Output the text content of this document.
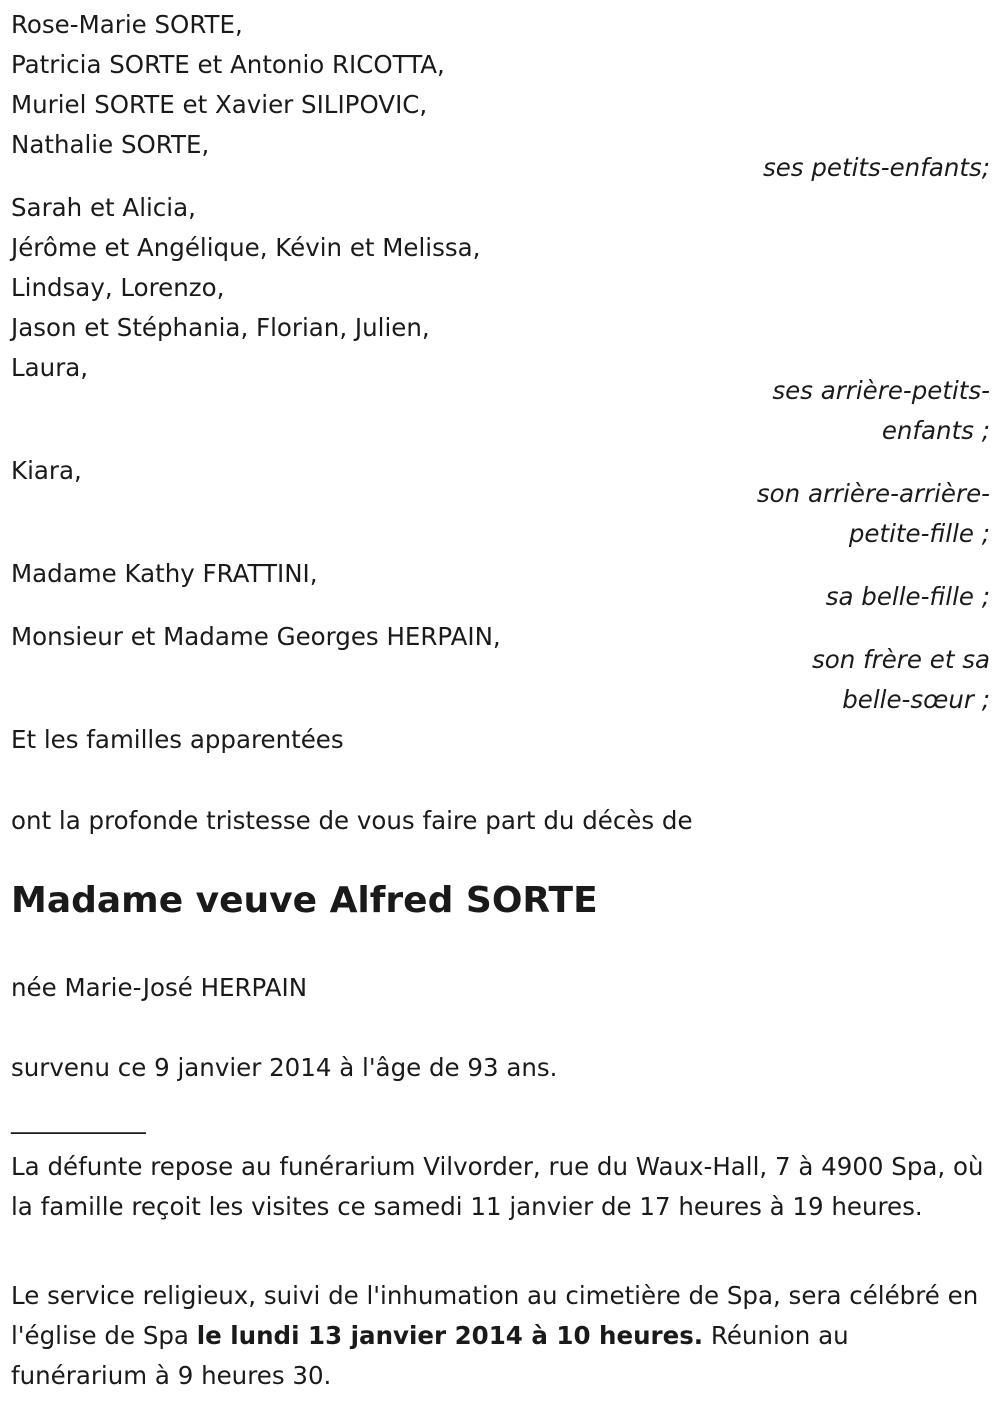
Rose-Marie SORTE,
Patricia SORTE et Antonio RICOTTA,
Muriel SORTE et Xavier SILIPOVIC,
Nathalie SORTE,
ses petits-enfants;
Sarah et Alicia,
Jérôme et Angélique, Kévin et Melissa,
Lindsay, Lorenzo,
Jason et Stéphania, Florian, Julien,
Laura,
ses arrière-petits-
enfants ;
Kiara,
son arrière-arrière-
petite-fille ;
Madame Kathy FRATTINI,
sa belle-fille ;
Monsieur et Madame Georges HERPAIN,
son frère et sa
belle-sœur ;
Et les familles apparentées
ont la profonde tristesse de vous faire part du décès de
Madame veuve Alfred SORTE
née Marie-José HERPAIN
survenu ce 9 janvier 2014 à l'âge de 93 ans.
___________
La défunte repose au funérarium Vilvorder, rue du Waux-Hall, 7 à 4900 Spa, où la famille reçoit les visites ce samedi 11 janvier de 17 heures à 19 heures.
Le service religieux, suivi de l'inhumation au cimetière de Spa, sera célébré en l'église de Spa le lundi 13 janvier 2014 à 10 heures. Réunion au funérarium à 9 heures 30.
